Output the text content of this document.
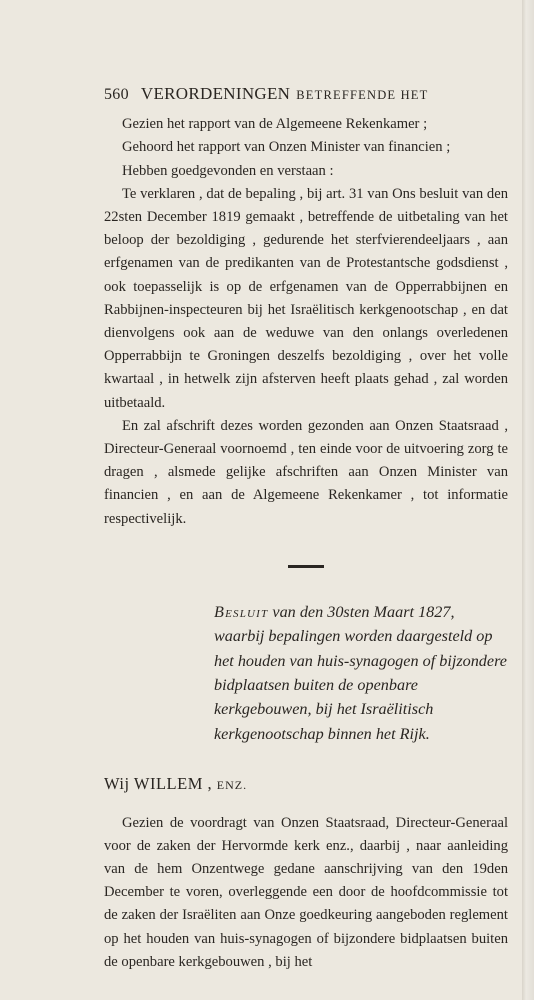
560 VERORDENINGEN BETREFFENDE HET

Gezien het rapport van de Algemeene Rekenkamer ;

Gehoord het rapport van Onzen Minister van financien ;

Hebben goedgevonden en verstaan :

Te verklaren , dat de bepaling , bij art. 31 van Ons besluit van den 22sten December 1819 gemaakt , betreffende de uitbetaling van het beloop der bezoldiging , gedurende het sterfvierendeeljaars , aan erfgenamen van de predikanten van de Protestantsche godsdienst , ook toepasselijk is op de erfgenamen van de Opperrabbijnen en Rabbijnen-inspecteuren bij het Israëlitisch kerkgenootschap , en dat dienvolgens ook aan de weduwe van den onlangs overledenen Opperrabbijn te Groningen deszelfs bezoldiging , over het volle kwartaal , in hetwelk zijn afsterven heeft plaats gehad , zal worden uitbetaald.

En zal afschrift dezes worden gezonden aan Onzen Staatsraad , Directeur-Generaal voornoemd , ten einde voor de uitvoering zorg te dragen , alsmede gelijke afschriften aan Onzen Minister van financien , en aan de Algemeene Rekenkamer , tot informatie respectivelijk.

Besluit van den 30sten Maart 1827, waarbij bepalingen worden daargesteld op het houden van huis-synagogen of bijzondere bidplaatsen buiten de openbare kerkgebouwen, bij het Israëlitisch kerkgenootschap binnen het Rijk.

Wij WILLEM , ENZ.

Gezien de voordragt van Onzen Staatsraad, Directeur-Generaal voor de zaken der Hervormde kerk enz., daarbij , naar aanleiding van de hem Onzentwege gedane aanschrijving van den 19den December te voren, overleggende een door de hoofdcommissie tot de zaken der Israëliten aan Onze goedkeuring aangeboden reglement op het houden van huis-synagogen of bijzondere bidplaatsen buiten de openbare kerkgebouwen , bij het
